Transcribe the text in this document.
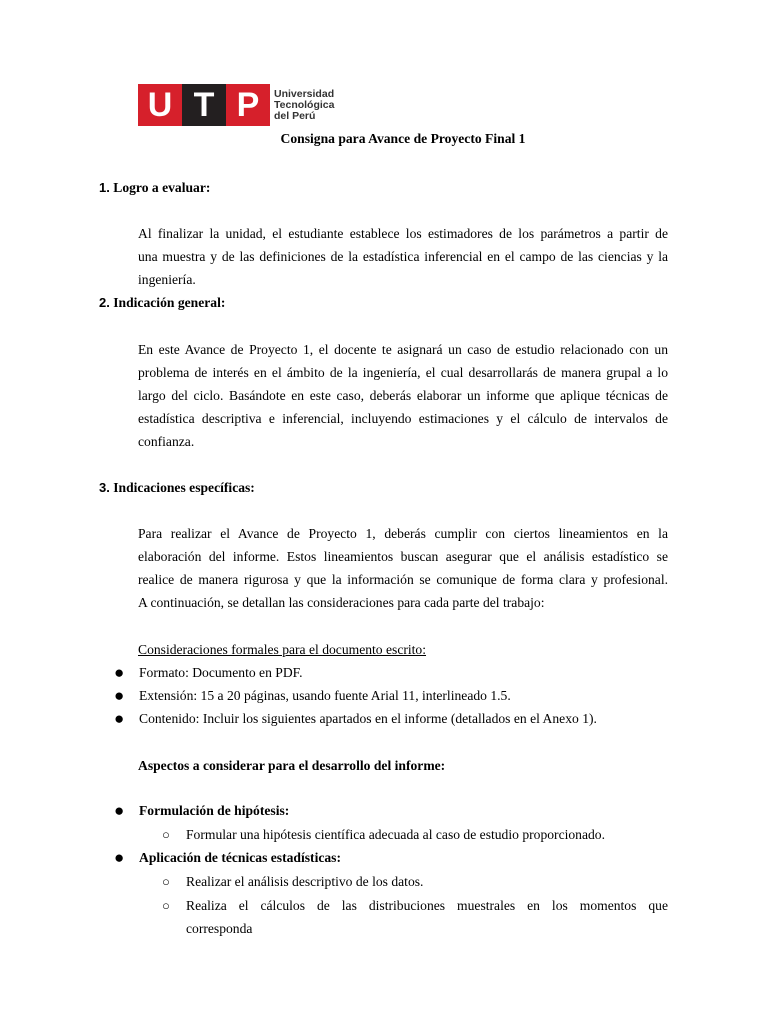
U T P	Universidad
Tecnológica
del Perú
Consigna para Avance de Proyecto Final 1
1. Logro a evaluar:
Al finalizar la unidad, el estudiante establece los estimadores de los parámetros a partir de
una muestra y de las definiciones de la estadística inferencial en el campo de las ciencias y la
ingeniería.
2. Indicación general:
En este Avance de Proyecto 1, el docente te asignará un caso de estudio relacionado con un
problema de interés en el ámbito de la ingeniería, el cual desarrollarás de manera grupal a lo
largo del ciclo. Basándote en este caso, deberás elaborar un informe que aplique técnicas de
estadística descriptiva e inferencial, incluyendo estimaciones y el cálculo de intervalos de
confianza.
3. Indicaciones específicas:
Para realizar el Avance de Proyecto 1, deberás cumplir con ciertos lineamientos en la
elaboración del informe. Estos lineamientos buscan asegurar que el análisis estadístico se
realice de manera rigurosa y que la información se comunique de forma clara y profesional.
A continuación, se detallan las consideraciones para cada parte del trabajo:
Consideraciones formales para el documento escrito:
● Formato: Documento en PDF.
● Extensión: 15 a 20 páginas, usando fuente Arial 11, interlineado 1.5.
● Contenido: Incluir los siguientes apartados en el informe (detallados en el Anexo 1).
Aspectos a considerar para el desarrollo del informe:
● Formulación de hipótesis:
○ Formular una hipótesis científica adecuada al caso de estudio proporcionado.
● Aplicación de técnicas estadísticas:
○ Realizar el análisis descriptivo de los datos.
○ Realiza el cálculos de las distribuciones muestrales en los momentos que
corresponda
